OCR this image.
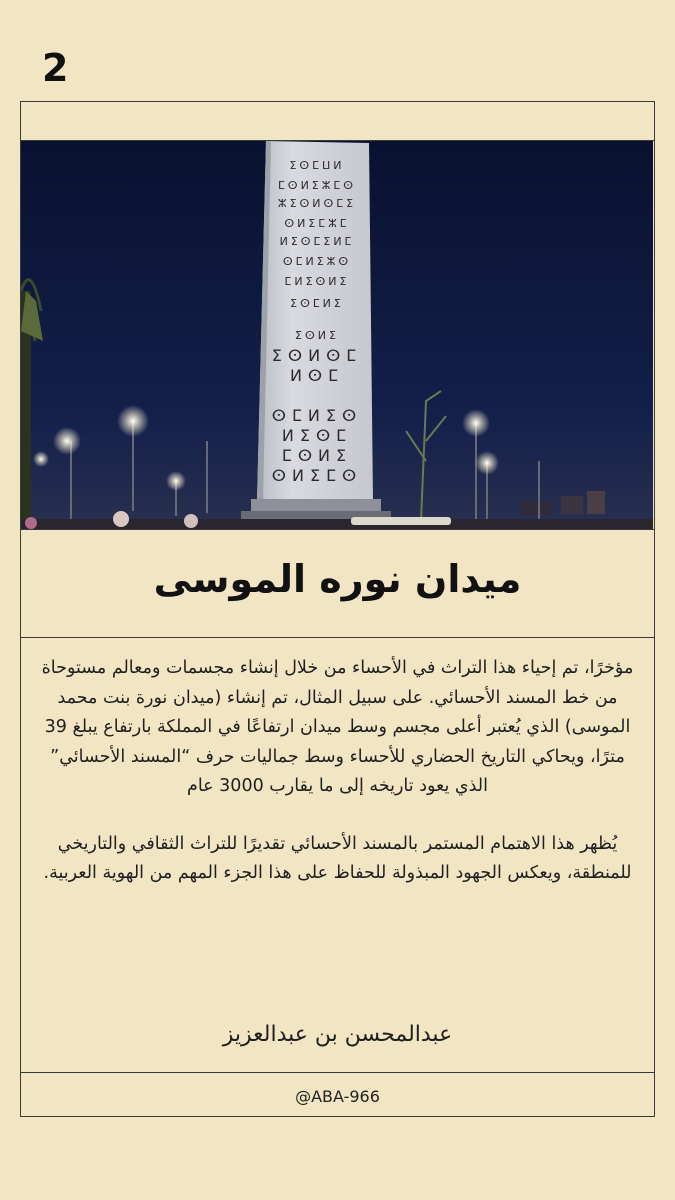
2
ⵉⵙⵎⵡⵍ
ⵎⵙⵍⵉⵣⵎⵙ
ⵣⵉⵙⵍⵙⵎⵉ
ⵙⵍⵉⵎⵣⵎ
ⵍⵉⵙⵎⵉⵍⵎ
ⵙⵎⵍⵉⵣⵙ
ⵎⵍⵉⵙⵍⵉ
ⵉⵙⵎⵍⵉ
ⵉⵙⵍⵉ
ⵉⵙⵍⵙⵎ
ⵍⵙⵎ
ⵙⵎⵍⵉⵙ
ⵍⵉⵙⵎ
ⵎⵙⵍⵉ
ⵙⵍⵉⵎⵙ
ميدان نوره الموسى

مؤخرًا، تم إحياء هذا التراث في الأحساء من خلال إنشاء مجسمات ومعالم مستوحاة من خط المسند الأحسائي. على سبيل المثال، تم إنشاء (ميدان نورة بنت محمد الموسى) الذي يُعتبر أعلى مجسم وسط ميدان ارتفاعًا في المملكة بارتفاع يبلغ 39 مترًا، ويحاكي التاريخ الحضاري للأحساء وسط جماليات حرف “المسند الأحسائي” الذي يعود تاريخه إلى ما يقارب 3000 عام

يُظهر هذا الاهتمام المستمر بالمسند الأحسائي تقديرًا للتراث الثقافي والتاريخي للمنطقة، ويعكس الجهود المبذولة للحفاظ على هذا الجزء المهم من الهوية العربية.

عبدالمحسن بن عبدالعزيز
@ABA-966
